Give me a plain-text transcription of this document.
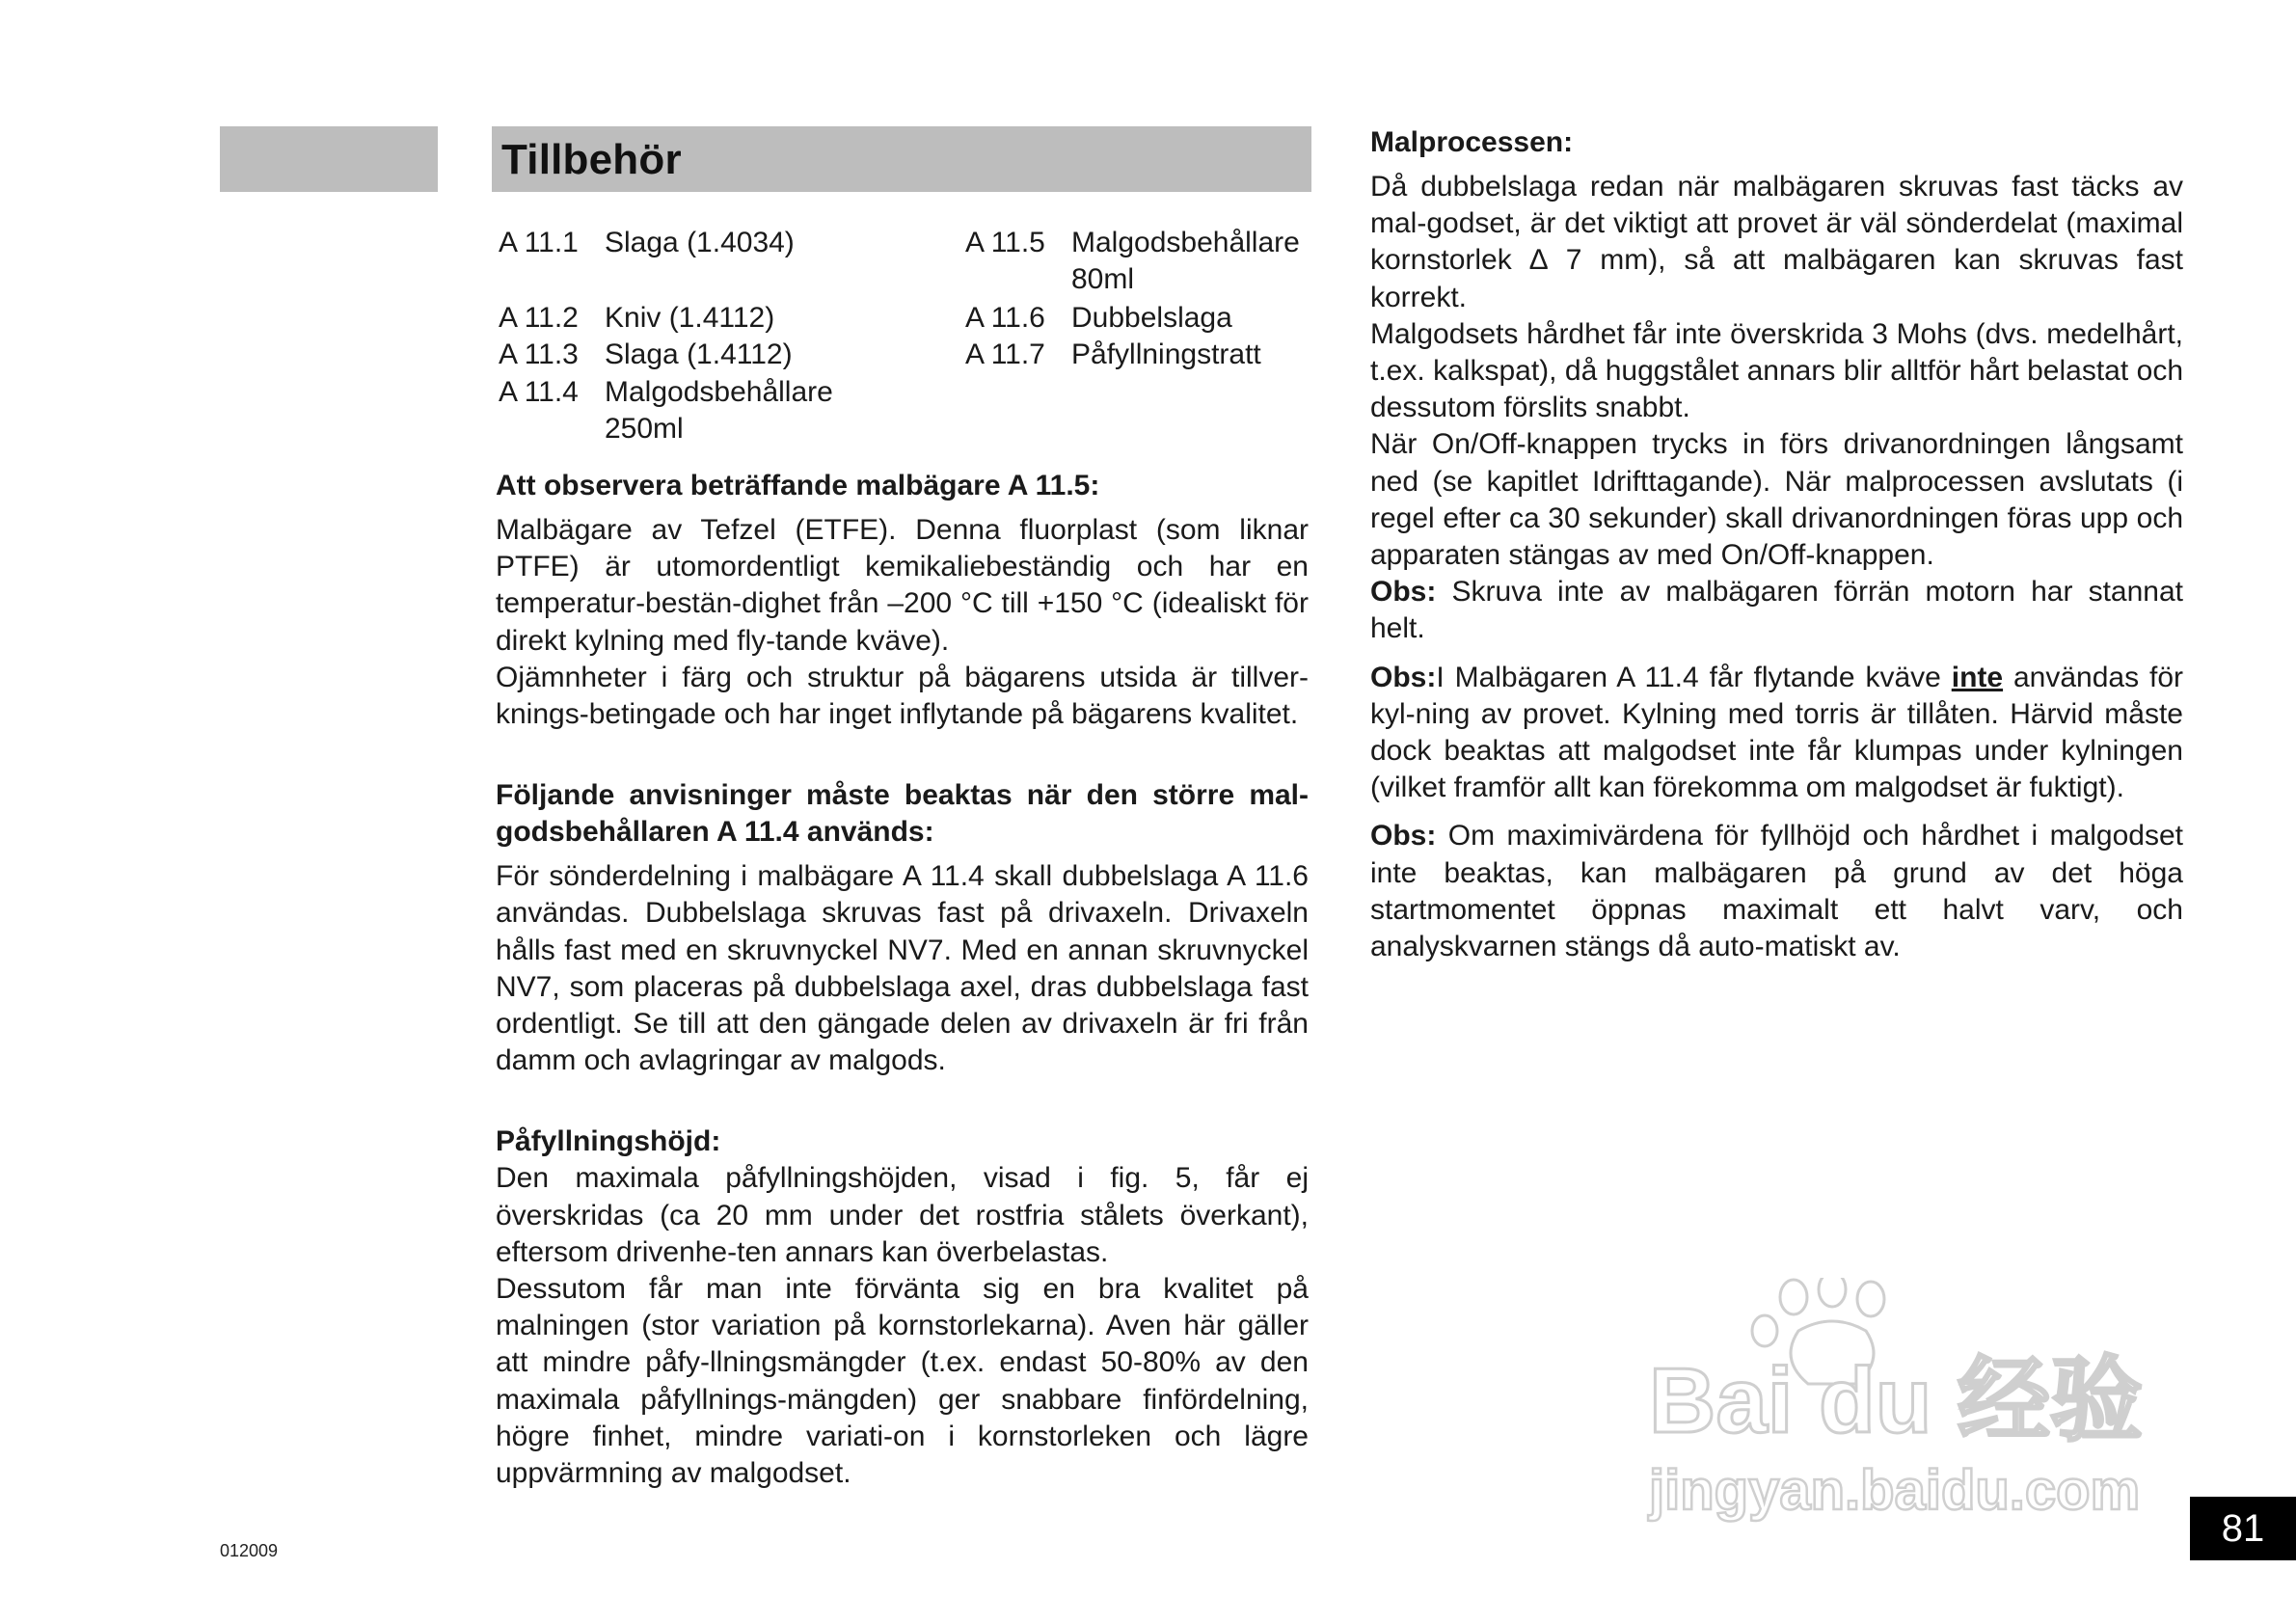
Tillbehör
A 11.1 Slaga (1.4034)
A 11.2 Kniv (1.4112)
A 11.3 Slaga (1.4112)
A 11.4 Malgodsbehållare 250ml
A 11.5 Malgodsbehållare 80ml
A 11.6 Dubbelslaga
A 11.7 Påfyllningstratt
Att observera beträffande malbägare A 11.5:

Malbägare av Tefzel (ETFE). Denna fluorplast (som liknar PTFE) är utomordentligt kemikaliebeständig och har en temperatur-bestän-dighet från –200 °C till +150 °C (idealiskt för direkt kylning med fly-tande kväve).

Ojämnheter i färg och struktur på bägarens utsida är tillver-knings-betingade och har inget inflytande på bägarens kvalitet.

Följande anvisninger måste beaktas när den större mal-godsbehållaren A 11.4 används:

För sönderdelning i malbägare A 11.4 skall dubbelslaga A 11.6 användas. Dubbelslaga skruvas fast på drivaxeln. Drivaxeln hålls fast med en skruvnyckel NV7. Med en annan skruvnyckel NV7, som placeras på dubbelslaga axel, dras dubbelslaga fast ordentligt. Se till att den gängade delen av drivaxeln är fri från damm och avlagringar av malgods.

Påfyllningshöjd:

Den maximala påfyllningshöjden, visad i fig. 5, får ej överskridas (ca 20 mm under det rostfria stålets överkant), eftersom drivenhe-ten annars kan överbelastas.

Dessutom får man inte förvänta sig en bra kvalitet på malningen (stor variation på kornstorlekarna). Aven här gäller att mindre påfy-llningsmängder (t.ex. endast 50-80% av den maximala påfyllnings-mängden) ger snabbare finfördelning, högre finhet, mindre variati-on i kornstorleken och lägre uppvärmning av malgodset.

Malprocessen:

Då dubbelslaga redan när malbägaren skruvas fast täcks av mal-godset, är det viktigt att provet är väl sönderdelat (maximal kornstorlek ∆ 7 mm), så att malbägaren kan skruvas fast korrekt.

Malgodsets hårdhet får inte överskrida 3 Mohs (dvs. medelhårt, t.ex. kalkspat), då huggstålet annars blir alltför hårt belastat och dessutom förslits snabbt.

När On/Off-knappen trycks in förs drivanordningen långsamt ned (se kapitlet Idrifttagande). När malprocessen avslutats (i regel efter ca 30 sekunder) skall drivanordningen föras upp och apparaten stängas av med On/Off-knappen.

Obs: Skruva inte av malbägaren förrän motorn har stannat helt.

Obs:I Malbägaren A 11.4 får flytande kväve inte användas för kyl-ning av provet. Kylning med torris är tillåten. Härvid måste dock beaktas att malgodset inte får klumpas under kylningen (vilket framför allt kan förekomma om malgodset är fuktigt).

Obs: Om maximivärdena för fyllhöjd och hårdhet i malgodset inte beaktas, kan malbägaren på grund av det höga startmomentet öppnas maximalt ett halvt varv, och analyskvarnen stängs då auto-matiskt av.

Bai du 经验
jingyan.baidu.com
012009
81
